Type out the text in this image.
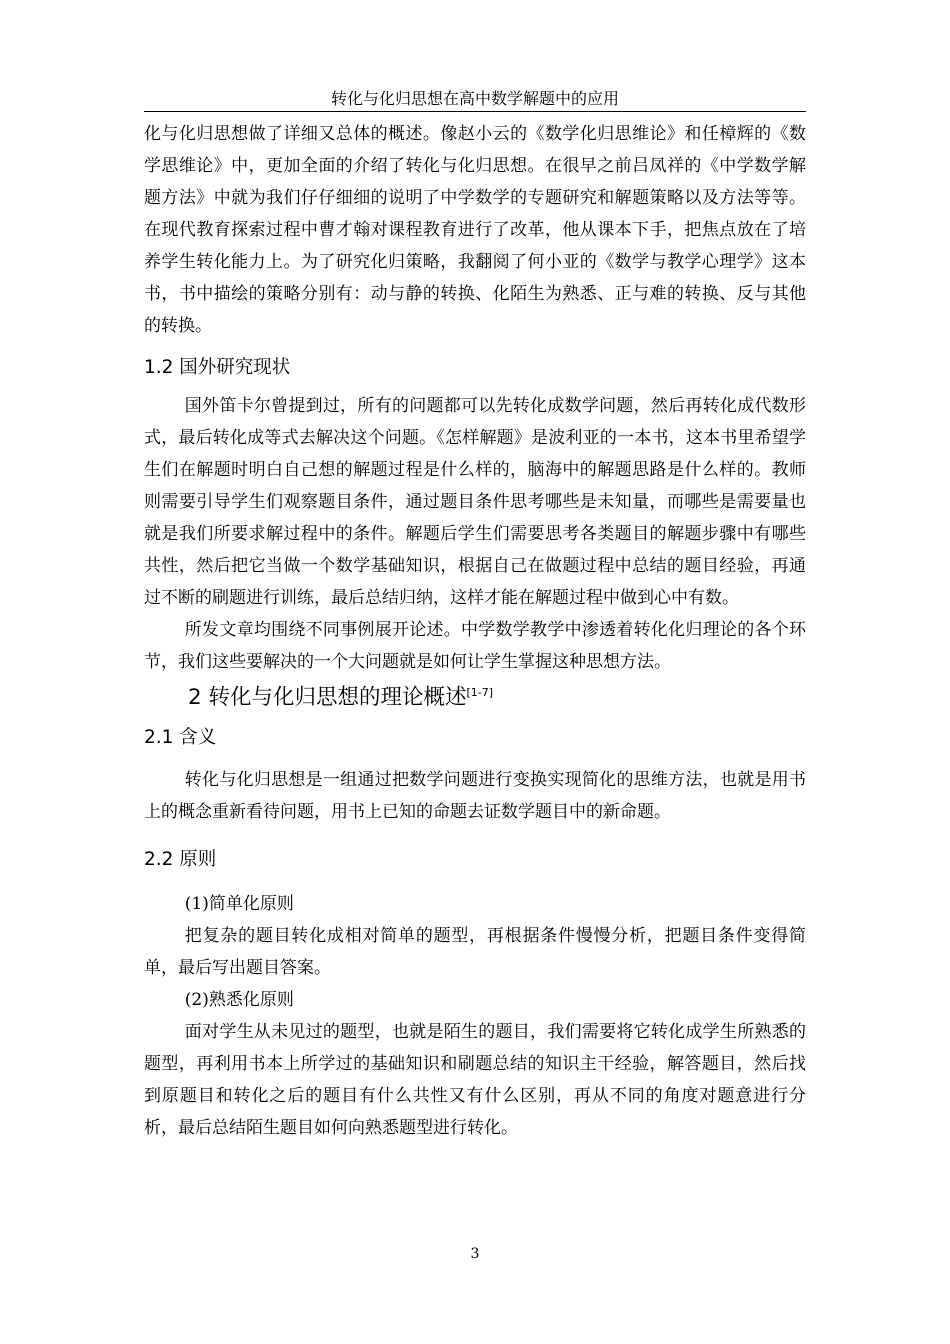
转化与化归思想在高中数学解题中的应用

化与化归思想做了详细又总体的概述。像赵小云的《数学化归思维论》和任樟辉的《数学思维论》中，更加全面的介绍了转化与化归思想。在很早之前吕凤祥的《中学数学解题方法》中就为我们仔仔细细的说明了中学数学的专题研究和解题策略以及方法等等。在现代教育探索过程中曹才翰对课程教育进行了改革，他从课本下手，把焦点放在了培养学生转化能力上。为了研究化归策略，我翻阅了何小亚的《数学与教学心理学》这本书，书中描绘的策略分别有：动与静的转换、化陌生为熟悉、正与难的转换、反与其他的转换。

1.2 国外研究现状

国外笛卡尔曾提到过，所有的问题都可以先转化成数学问题，然后再转化成代数形式，最后转化成等式去解决这个问题。《怎样解题》是波利亚的一本书，这本书里希望学生们在解题时明白自己想的解题过程是什么样的，脑海中的解题思路是什么样的。教师则需要引导学生们观察题目条件，通过题目条件思考哪些是未知量，而哪些是需要量也就是我们所要求解过程中的条件。解题后学生们需要思考各类题目的解题步骤中有哪些共性，然后把它当做一个数学基础知识，根据自己在做题过程中总结的题目经验，再通过不断的刷题进行训练，最后总结归纳，这样才能在解题过程中做到心中有数。

所发文章均围绕不同事例展开论述。中学数学教学中渗透着转化化归理论的各个环节，我们这些要解决的一个大问题就是如何让学生掌握这种思想方法。

2 转化与化归思想的理论概述[1-7]
2.1 含义

转化与化归思想是一组通过把数学问题进行变换实现简化的思维方法，也就是用书上的概念重新看待问题，用书上已知的命题去证数学题目中的新命题。

2.2 原则

(1)简单化原则

把复杂的题目转化成相对简单的题型，再根据条件慢慢分析，把题目条件变得简单，最后写出题目答案。

(2)熟悉化原则

面对学生从未见过的题型，也就是陌生的题目，我们需要将它转化成学生所熟悉的题型，再利用书本上所学过的基础知识和刷题总结的知识主干经验，解答题目，然后找到原题目和转化之后的题目有什么共性又有什么区别，再从不同的角度对题意进行分析，最后总结陌生题目如何向熟悉题型进行转化。

3
